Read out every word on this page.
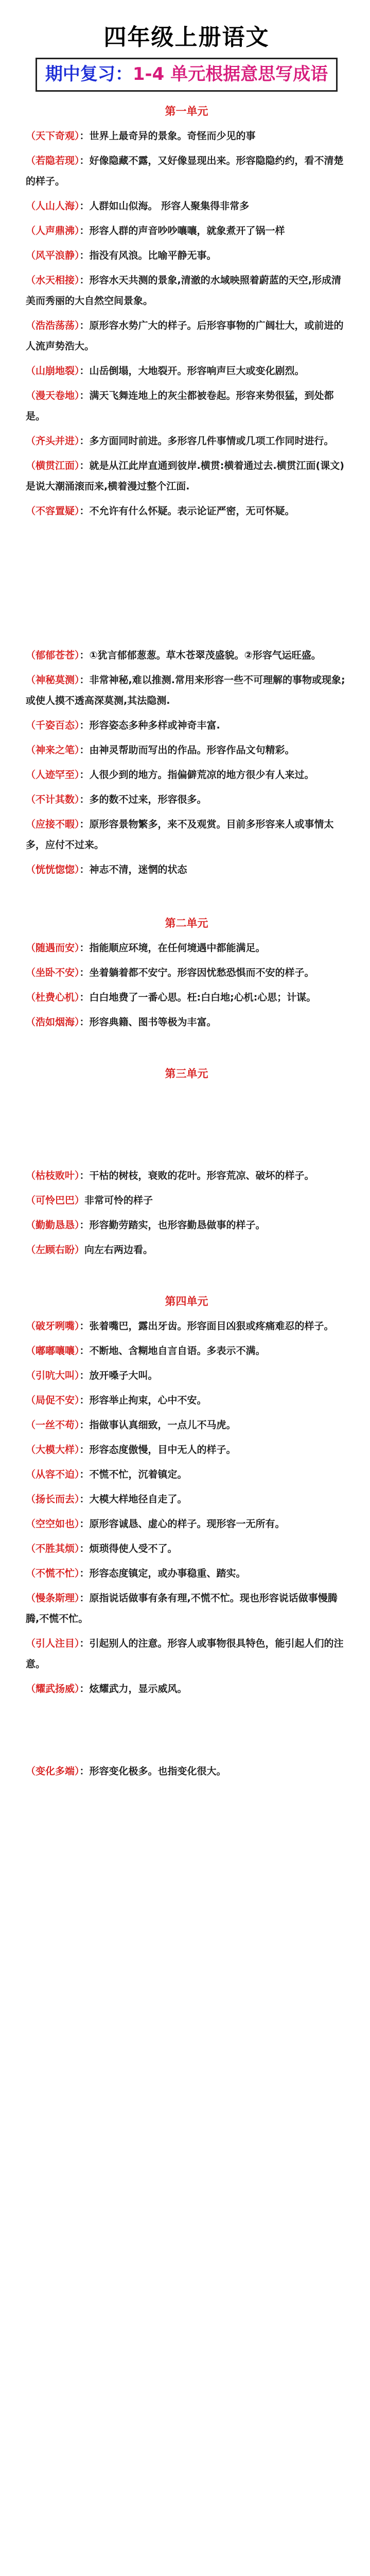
四年级上册语文
期中复习：1-4 单元根据意思写成语
第一单元
（天下奇观）：世界上最奇异的景象。奇怪而少见的事
（若隐若现）：好像隐藏不露，又好像显现出来。形容隐隐约约，看不清楚的样子。
（人山人海）：人群如山似海。 形容人聚集得非常多
（人声鼎沸）：形容人群的声音吵吵嚷嚷，就象煮开了锅一样
（风平浪静）：指没有风浪。比喻平静无事。
（水天相接）：形容水天共测的景象,清澈的水域映照着蔚蓝的天空,形成清美而秀丽的大自然空间景象。
（浩浩荡荡）：原形容水势广大的样子。后形容事物的广阔壮大，或前进的人流声势浩大。
（山崩地裂）：山岳倒塌，大地裂开。形容响声巨大或变化剧烈。
（漫天卷地）：满天飞舞连地上的灰尘都被卷起。形容来势很猛，到处都是。
（齐头并进）：多方面同时前进。多形容几件事情或几项工作同时进行。
（横贯江面）：就是从江此岸直通到彼岸.横贯:横着通过去.横贯江面(课文)是说大潮涌滚而来,横着漫过整个江面.
（不容置疑）：不允许有什么怀疑。表示论证严密，无可怀疑。
（郁郁苍苍）：①犹言郁郁葱葱。草木苍翠茂盛貌。②形容气运旺盛。
（神秘莫测）：非常神秘,难以推测.常用来形容一些不可理解的事物或现象;或使人摸不透高深莫测,其法隐测.
（千姿百态）：形容姿态多种多样或神奇丰富.
（神来之笔）：由神灵帮助而写出的作品。形容作品文句精彩。
（人迹罕至）：人很少到的地方。指偏僻荒凉的地方很少有人来过。
（不计其数）：多的数不过来，形容很多。
（应接不暇）：原形容景物繁多，来不及观赏。目前多形容来人或事情太多，应付不过来。
（恍恍惚惚）：神志不清，迷惘的状态
第二单元
（随遇而安）：指能顺应环境，在任何境遇中都能满足。
（坐卧不安）：坐着躺着都不安宁。形容因忧愁恐惧而不安的样子。
（杜费心机）：白白地费了一番心思。枉:白白地;心机:心思；计谋。
（浩如烟海）：形容典籍、图书等极为丰富。
第三单元
（枯枝败叶）：干枯的树枝，衰败的花叶。形容荒凉、破坏的样子。
（可怜巴巴）非常可怜的样子
（勤勤恳恳）：形容勤劳踏实，也形容勤恳做事的样子。
（左顾右盼）向左右两边看。
第四单元
（破牙咧嘴）：张着嘴巴，露出牙齿。形容面目凶狠或疼痛难忍的样子。
（嘟嘟嚷嚷）：不断地、含糊地自言自语。多表示不满。
（引吭大叫）：放开嗓子大叫。
（局促不安）：形容举止拘束，心中不安。
（一丝不苟）：指做事认真细致，一点儿不马虎。
（大模大样）：形容态度傲慢，目中无人的样子。
（从容不迫）：不慌不忙，沉着镇定。
（扬长而去）：大模大样地径自走了。
（空空如也）：原形容诚恳、虚心的样子。现形容一无所有。
（不胜其烦）：烦琐得使人受不了。
（不慌不忙）：形容态度镇定，或办事稳重、踏实。
（慢条斯理）：原指说话做事有条有理,不慌不忙。现也形容说话做事慢腾腾,不慌不忙。
（引人注目）：引起别人的注意。形容人或事物很具特色，能引起人们的注意。
（耀武扬威）：炫耀武力，显示威风。
（变化多端）：形容变化极多。也指变化很大。
